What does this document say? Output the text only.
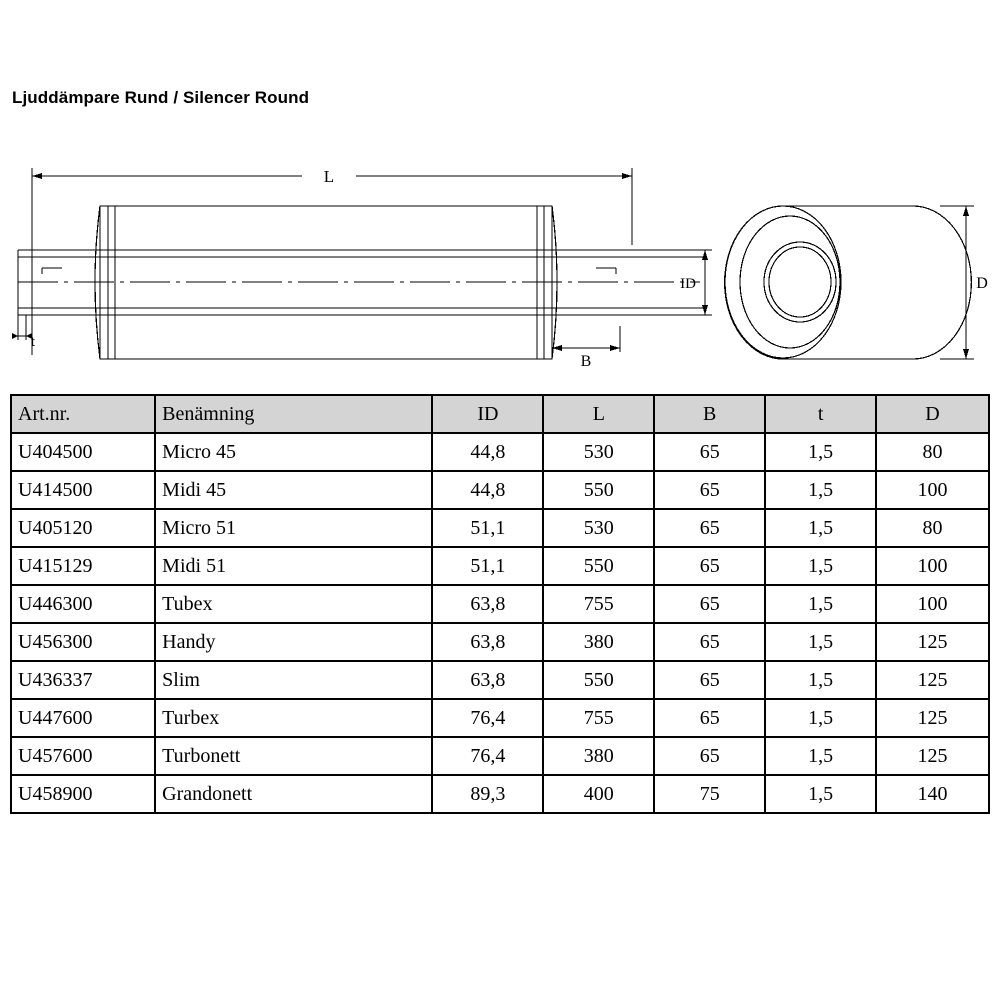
Ljuddämpare Rund / Silencer Round
L
ID
B
t
D
Art.nr.	Benämning	ID	L	B	t	D
U404500	Micro 45	44,8	530	65	1,5	80
U414500	Midi 45	44,8	550	65	1,5	100
U405120	Micro 51	51,1	530	65	1,5	80
U415129	Midi 51	51,1	550	65	1,5	100
U446300	Tubex	63,8	755	65	1,5	100
U456300	Handy	63,8	380	65	1,5	125
U436337	Slim	63,8	550	65	1,5	125
U447600	Turbex	76,4	755	65	1,5	125
U457600	Turbonett	76,4	380	65	1,5	125
U458900	Grandonett	89,3	400	75	1,5	140
